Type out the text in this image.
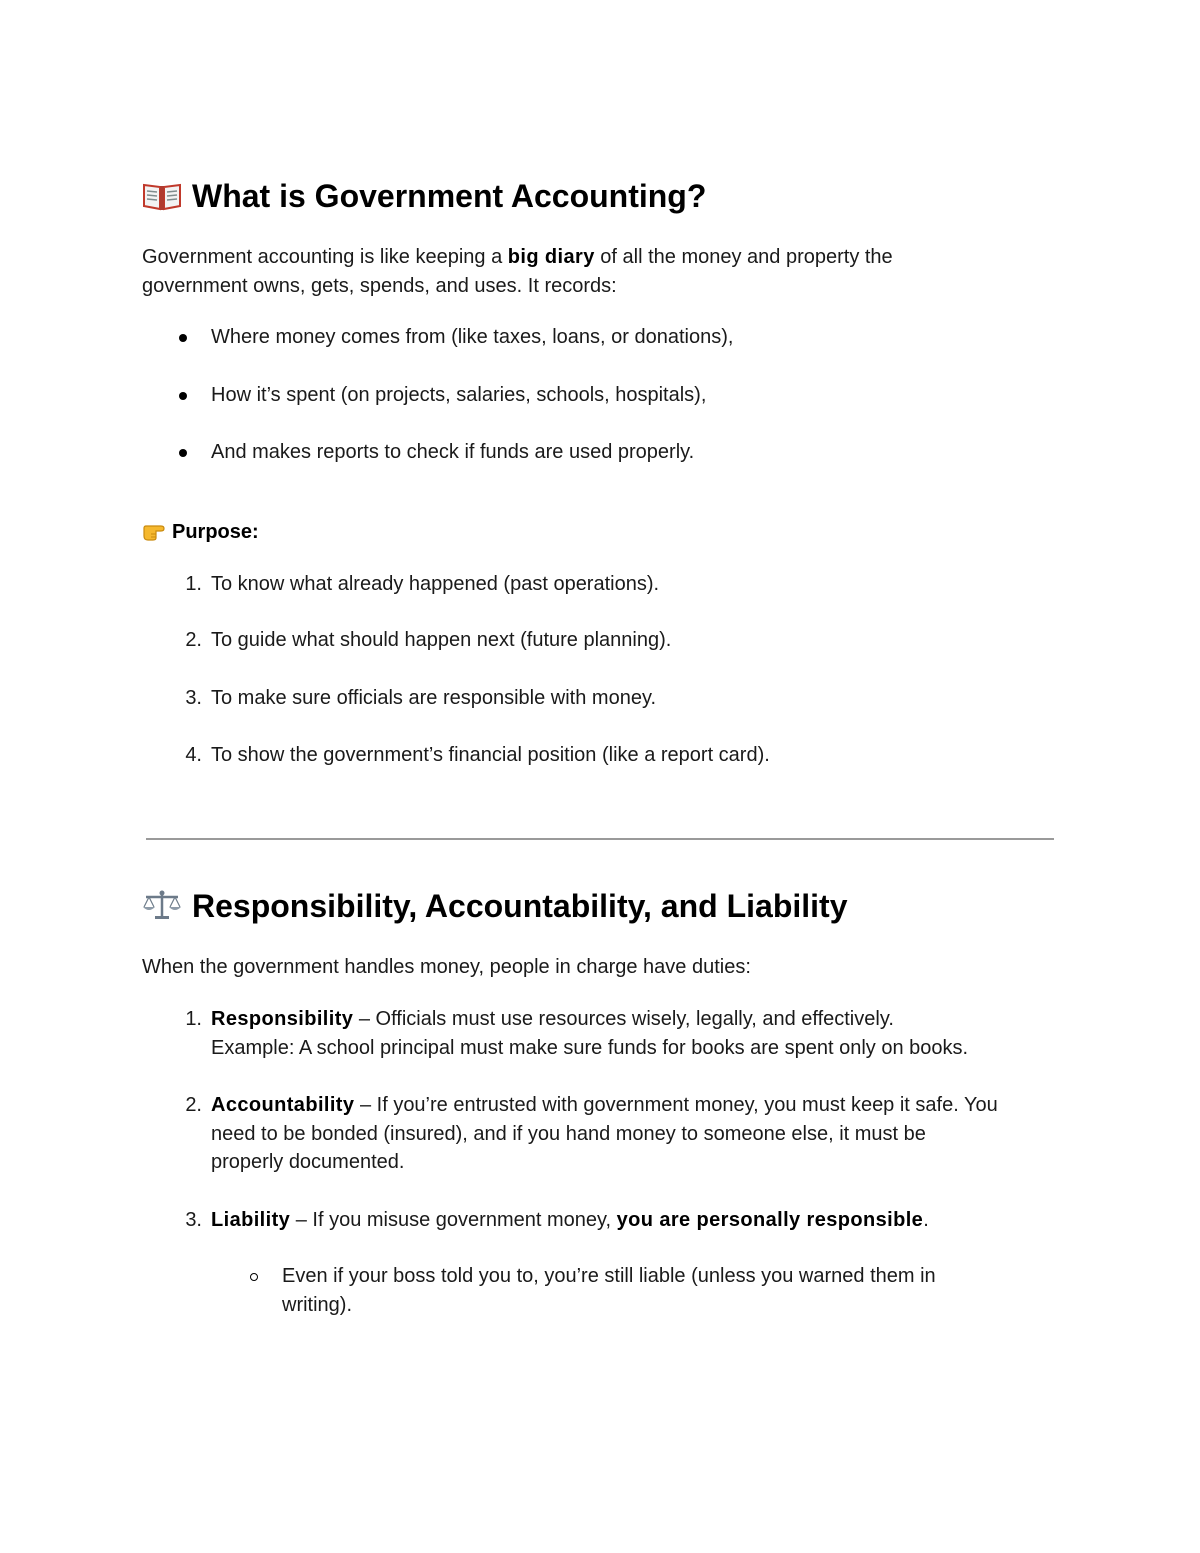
What is Government Accounting?
Government accounting is like keeping a big diary of all the money and property the
government owns, gets, spends, and uses. It records:
Where money comes from (like taxes, loans, or donations),
How it’s spent (on projects, salaries, schools, hospitals),
And makes reports to check if funds are used properly.
Purpose:
1. To know what already happened (past operations).
2. To guide what should happen next (future planning).
3. To make sure officials are responsible with money.
4. To show the government’s financial position (like a report card).
Responsibility, Accountability, and Liability
When the government handles money, people in charge have duties:
1. Responsibility – Officials must use resources wisely, legally, and effectively.
Example: A school principal must make sure funds for books are spent only on books.
2. Accountability – If you’re entrusted with government money, you must keep it safe. You
need to be bonded (insured), and if you hand money to someone else, it must be
properly documented.
3. Liability – If you misuse government money, you are personally responsible.
Even if your boss told you to, you’re still liable (unless you warned them in
writing).
